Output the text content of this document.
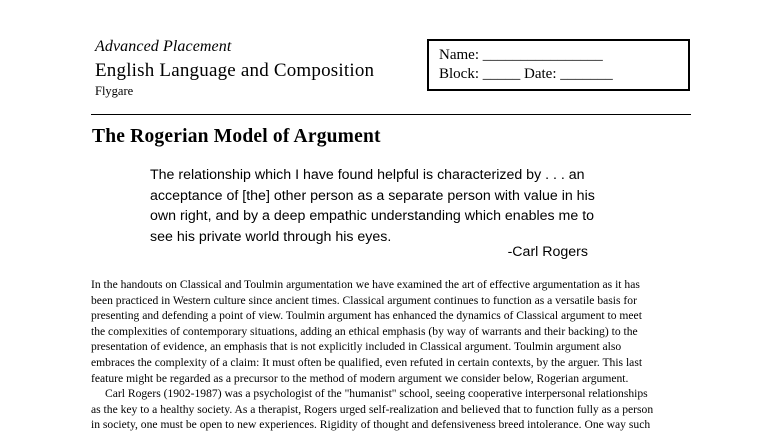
Advanced Placement
English Language and Composition
Flygare
Name: ________________
Block: _____ Date: _______
The Rogerian Model of Argument
The relationship which I have found helpful is characterized by . . . an
acceptance of [the] other person as a separate person with value in his
own right, and by a deep empathic understanding which enables me to
see his private world through his eyes.
-Carl Rogers
In the handouts on Classical and Toulmin argumentation we have examined the art of effective argumentation as it has
been practiced in Western culture since ancient times. Classical argument continues to function as a versatile basis for
presenting and defending a point of view. Toulmin argument has enhanced the dynamics of Classical argument to meet
the complexities of contemporary situations, adding an ethical emphasis (by way of warrants and their backing) to the
presentation of evidence, an emphasis that is not explicitly included in Classical argument. Toulmin argument also
embraces the complexity of a claim: It must often be qualified, even refuted in certain contexts, by the arguer. This last
feature might be regarded as a precursor to the method of modern argument we consider below, Rogerian argument.
Carl Rogers (1902-1987) was a psychologist of the "humanist" school, seeing cooperative interpersonal relationships
as the key to a healthy society. As a therapist, Rogers urged self-realization and believed that to function fully as a person
in society, one must be open to new experiences. Rigidity of thought and defensiveness breed intolerance. One way such
